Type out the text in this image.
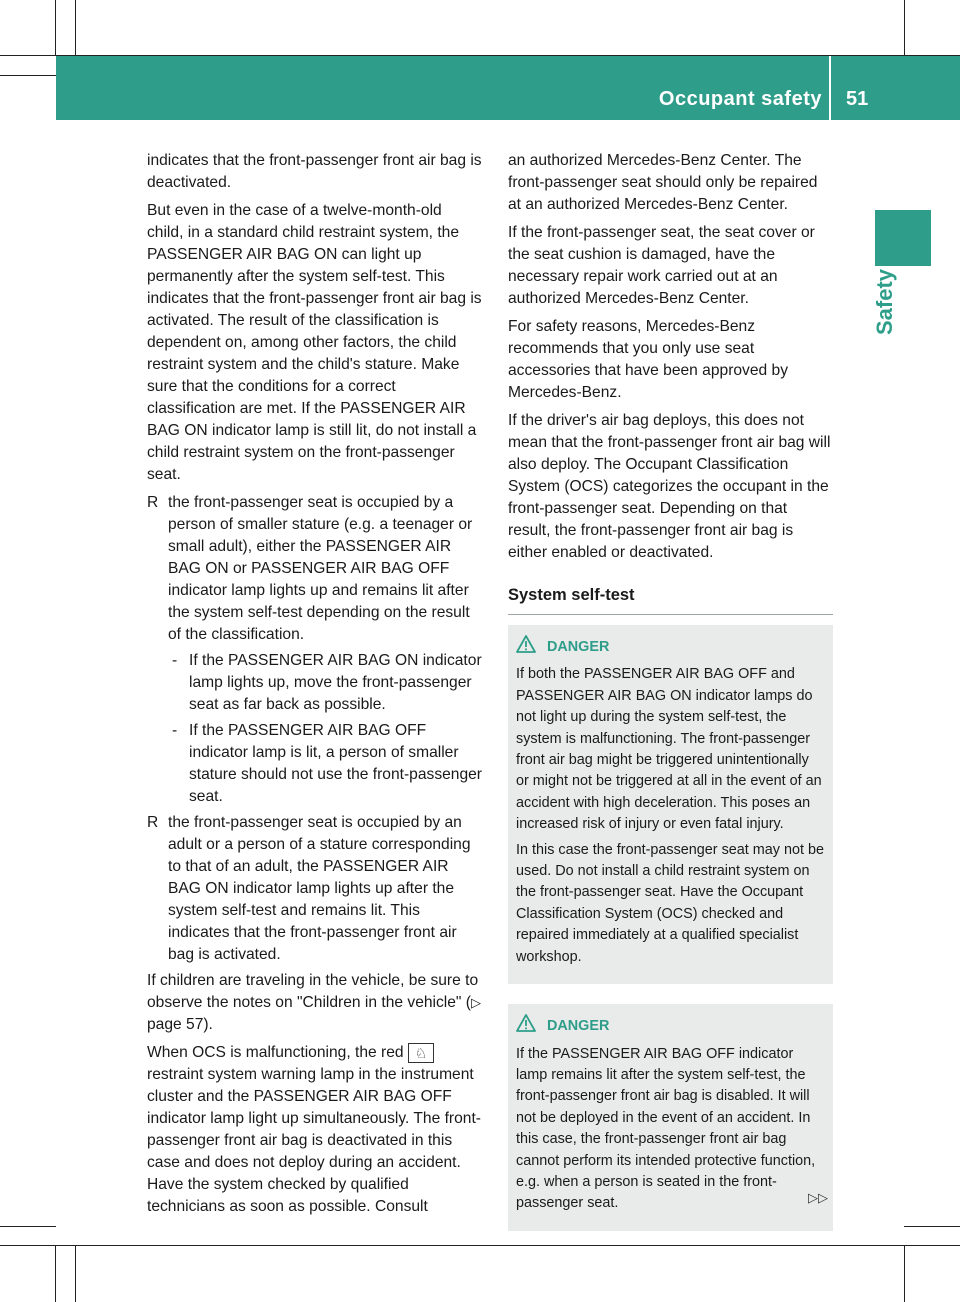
Occupant safety 51
Safety

indicates that the front-passenger front air bag is deactivated.

But even in the case of a twelve-month-old child, in a standard child restraint system, the PASSENGER AIR BAG ON can light up permanently after the system self-test. This indicates that the front-passenger front air bag is activated. The result of the classification is dependent on, among other factors, the child restraint system and the child's stature. Make sure that the conditions for a correct classification are met. If the PASSENGER AIR BAG ON indicator lamp is still lit, do not install a child restraint system on the front-passenger seat.

R the front-passenger seat is occupied by a person of smaller stature (e.g. a teenager or small adult), either the PASSENGER AIR BAG ON or PASSENGER AIR BAG OFF indicator lamp lights up and remains lit after the system self-test depending on the result of the classification.
- If the PASSENGER AIR BAG ON indicator lamp lights up, move the front-passenger seat as far back as possible.
- If the PASSENGER AIR BAG OFF indicator lamp is lit, a person of smaller stature should not use the front-passenger seat.
R the front-passenger seat is occupied by an adult or a person of a stature corresponding to that of an adult, the PASSENGER AIR BAG ON indicator lamp lights up after the system self-test and remains lit. This indicates that the front-passenger front air bag is activated.

If children are traveling in the vehicle, be sure to observe the notes on "Children in the vehicle" (▷ page 57).

When OCS is malfunctioning, the red ♘ restraint system warning lamp in the instrument cluster and the PASSENGER AIR BAG OFF indicator lamp light up simultaneously. The front-passenger front air bag is deactivated in this case and does not deploy during an accident. Have the system checked by qualified technicians as soon as possible. Consult

an authorized Mercedes-Benz Center. The front-passenger seat should only be repaired at an authorized Mercedes-Benz Center.

If the front-passenger seat, the seat cover or the seat cushion is damaged, have the necessary repair work carried out at an authorized Mercedes-Benz Center.

For safety reasons, Mercedes-Benz recommends that you only use seat accessories that have been approved by Mercedes-Benz.

If the driver's air bag deploys, this does not mean that the front-passenger front air bag will also deploy. The Occupant Classification System (OCS) categorizes the occupant in the front-passenger seat. Depending on that result, the front-passenger front air bag is either enabled or deactivated.

System self-test
DANGER

If both the PASSENGER AIR BAG OFF and PASSENGER AIR BAG ON indicator lamps do not light up during the system self-test, the system is malfunctioning. The front-passenger front air bag might be triggered unintentionally or might not be triggered at all in the event of an accident with high deceleration. This poses an increased risk of injury or even fatal injury.

In this case the front-passenger seat may not be used. Do not install a child restraint system on the front-passenger seat. Have the Occupant Classification System (OCS) checked and repaired immediately at a qualified specialist workshop.

DANGER

If the PASSENGER AIR BAG OFF indicator lamp remains lit after the system self-test, the front-passenger front air bag is disabled. It will not be deployed in the event of an accident. In this case, the front-passenger front air bag cannot perform its intended protective function, e.g. when a person is seated in the front-passenger seat.	▷▷
